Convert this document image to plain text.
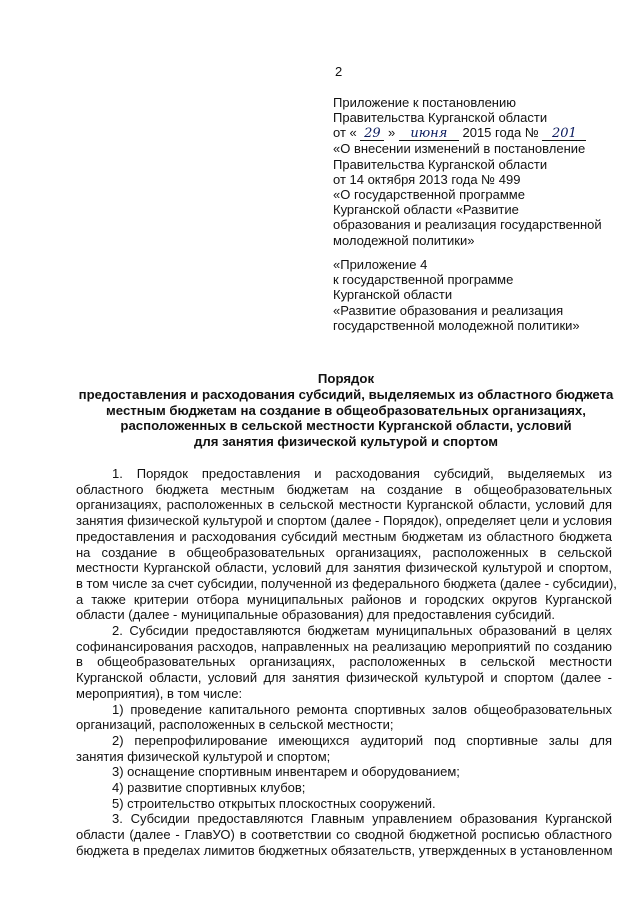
2
Приложение к постановлению
Правительства Курганской области
от « 29 » июня 2015 года № 201
«О внесении изменений в постановление
Правительства Курганской области
от 14 октября 2013 года № 499
«О государственной программе
Курганской области «Развитие
образования и реализация государственной
молодежной политики»
«Приложение 4
к государственной программе
Курганской области
«Развитие образования и реализация
государственной молодежной политики»
Порядок
предоставления и расходования субсидий, выделяемых из областного бюджета
местным бюджетам на создание в общеобразовательных организациях,
расположенных в сельской местности Курганской области, условий
для занятия физической культурой и спортом
1. Порядок предоставления и расходования субсидий, выделяемых из
областного бюджета местным бюджетам на создание в общеобразовательных
организациях, расположенных в сельской местности Курганской области, условий для
занятия физической культурой и спортом (далее - Порядок), определяет цели и условия
предоставления и расходования субсидий местным бюджетам из областного бюджета
на создание в общеобразовательных организациях, расположенных в сельской
местности Курганской области, условий для занятия физической культурой и спортом,
в том числе за счет субсидии, полученной из федерального бюджета (далее - субсидии),
а также критерии отбора муниципальных районов и городских округов Курганской
области (далее - муниципальные образования) для предоставления субсидий.
2. Субсидии предоставляются бюджетам муниципальных образований в целях
софинансирования расходов, направленных на реализацию мероприятий по созданию
в общеобразовательных организациях, расположенных в сельской местности
Курганской области, условий для занятия физической культурой и спортом (далее -
мероприятия), в том числе:
1) проведение капитального ремонта спортивных залов общеобразовательных
организаций, расположенных в сельской местности;
2) перепрофилирование имеющихся аудиторий под спортивные залы для
занятия физической культурой и спортом;
3) оснащение спортивным инвентарем и оборудованием;
4) развитие спортивных клубов;
5) строительство открытых плоскостных сооружений.
3. Субсидии предоставляются Главным управлением образования Курганской
области (далее - ГлавУО) в соответствии со сводной бюджетной росписью областного
бюджета в пределах лимитов бюджетных обязательств, утвержденных в установленном
